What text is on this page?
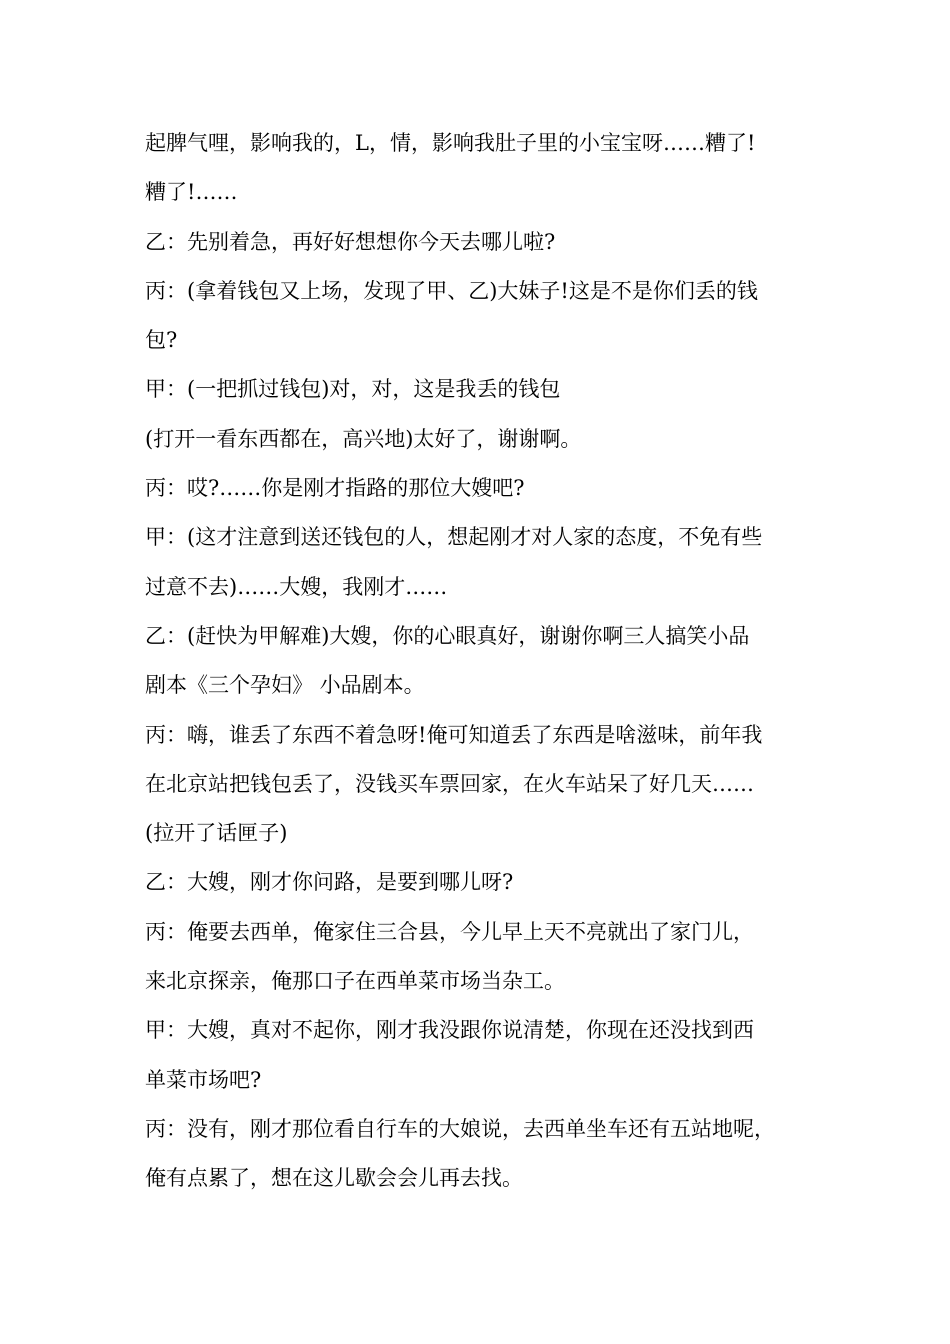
起脾气哩，影响我的，L，情，影响我肚子里的小宝宝呀……糟了!
糟了!……
乙：先别着急，再好好想想你今天去哪儿啦?
丙：(拿着钱包又上场，发现了甲、乙)大妹子!这是不是你们丢的钱
包?
甲：(一把抓过钱包)对，对，这是我丢的钱包
(打开一看东西都在，高兴地)太好了，谢谢啊。
丙：哎?……你是刚才指路的那位大嫂吧?
甲：(这才注意到送还钱包的人，想起刚才对人家的态度，不免有些
过意不去)……大嫂，我刚才……
乙：(赶快为甲解难)大嫂，你的心眼真好，谢谢你啊三人搞笑小品
剧本《三个孕妇》 小品剧本。
丙：嗨，谁丢了东西不着急呀!俺可知道丢了东西是啥滋味，前年我
在北京站把钱包丢了，没钱买车票回家，在火车站呆了好几天……
(拉开了话匣子)
乙：大嫂，刚才你问路，是要到哪儿呀?
丙：俺要去西单，俺家住三合县，今儿早上天不亮就出了家门儿，
来北京探亲，俺那口子在西单菜市场当杂工。
甲：大嫂，真对不起你，刚才我没跟你说清楚，你现在还没找到西
单菜市场吧?
丙：没有，刚才那位看自行车的大娘说，去西单坐车还有五站地呢，
俺有点累了，想在这儿歇会会儿再去找。
